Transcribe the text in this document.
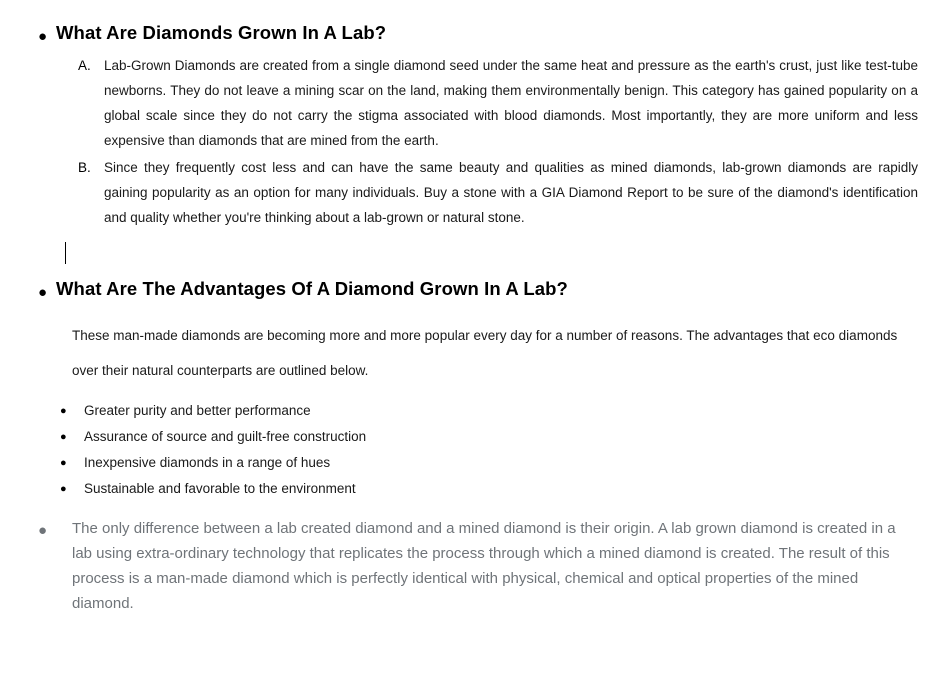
● What Are Diamonds Grown In A Lab?
A. Lab-Grown Diamonds are created from a single diamond seed under the same heat and pressure as the earth's crust, just like test-tube newborns. They do not leave a mining scar on the land, making them environmentally benign. This category has gained popularity on a global scale since they do not carry the stigma associated with blood diamonds. Most importantly, they are more uniform and less expensive than diamonds that are mined from the earth.
B. Since they frequently cost less and can have the same beauty and qualities as mined diamonds, lab-grown diamonds are rapidly gaining popularity as an option for many individuals. Buy a stone with a GIA Diamond Report to be sure of the diamond's identification and quality whether you're thinking about a lab-grown or natural stone.
● What Are The Advantages Of A Diamond Grown In A Lab?
These man-made diamonds are becoming more and more popular every day for a number of reasons. The advantages that eco diamonds over their natural counterparts are outlined below.
●	Greater purity and better performance
●	Assurance of source and guilt-free construction
●	Inexpensive diamonds in a range of hues
●	Sustainable and favorable to the environment
●	The only difference between a lab created diamond and a mined diamond is their origin. A lab grown diamond is created in a lab using extra-ordinary technology that replicates the process through which a mined diamond is created. The result of this process is a man-made diamond which is perfectly identical with physical, chemical and optical properties of the mined diamond.
